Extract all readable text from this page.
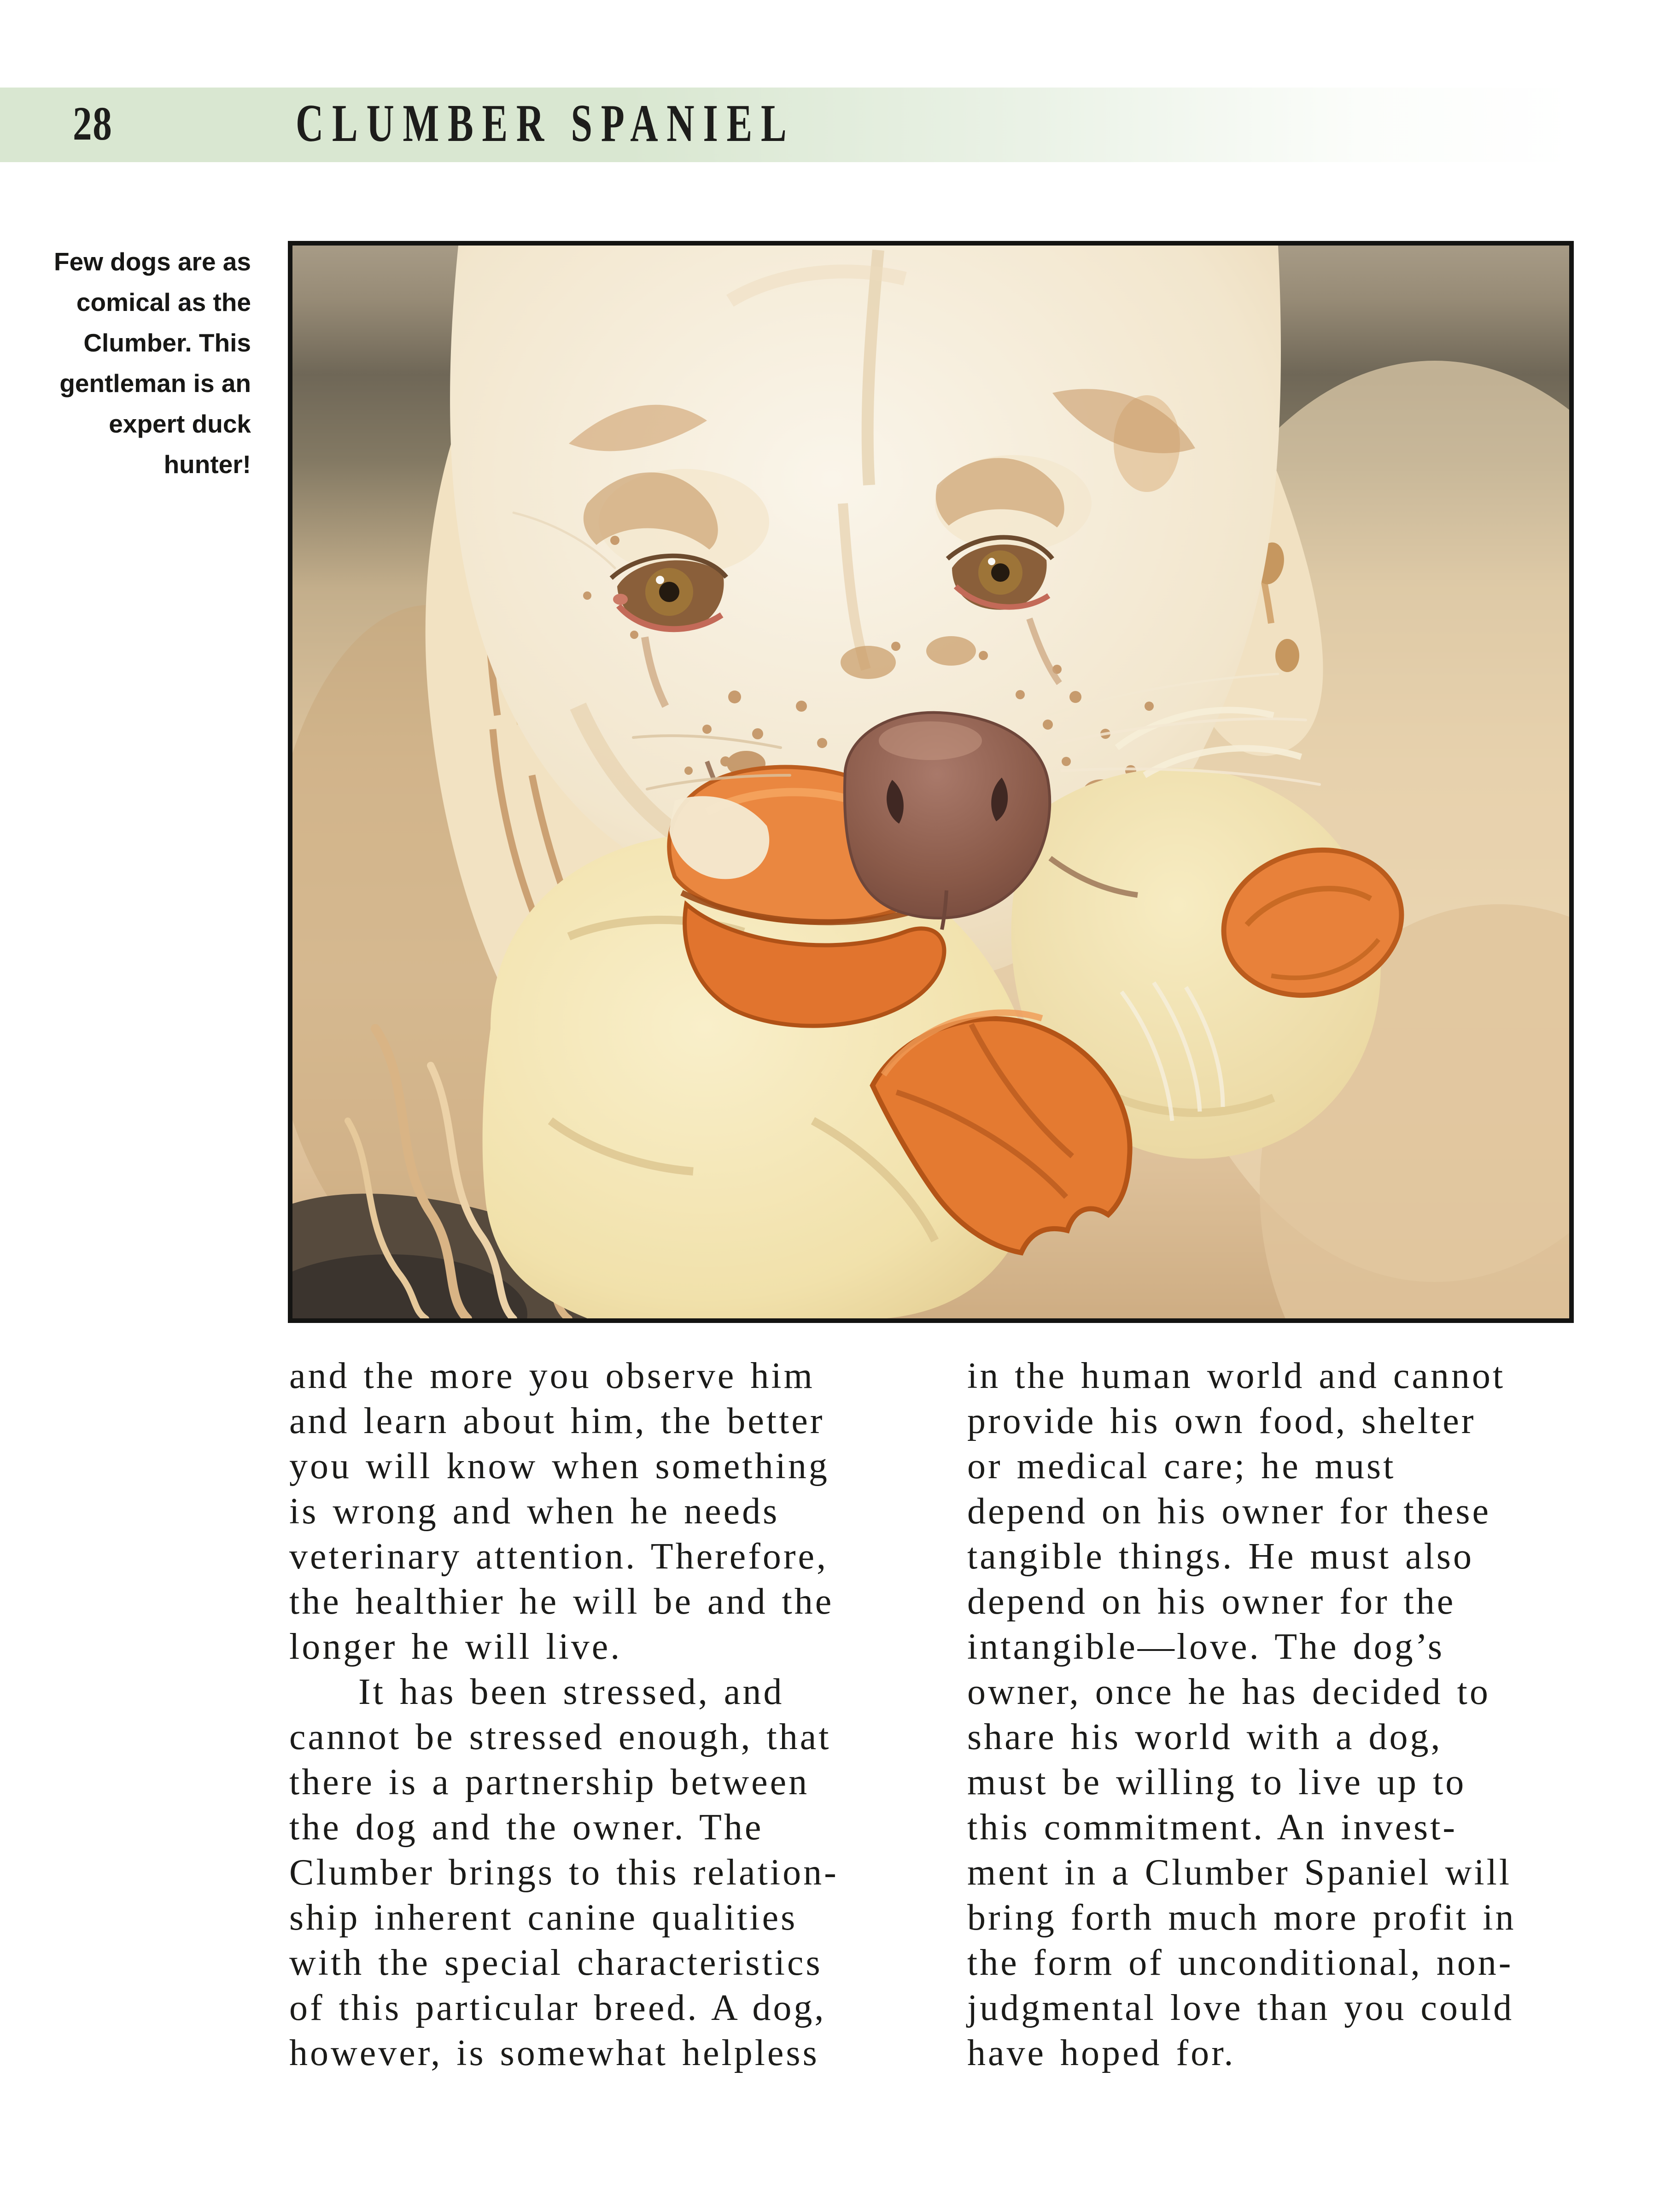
28	CLUMBER SPANIEL
Few dogs are as
comical as the
Clumber. This
gentleman is an
expert duck
hunter!
and the more you observe him
and learn about him, the better
you will know when something
is wrong and when he needs
veterinary attention. Therefore,
the healthier he will be and the
longer he will live.
It has been stressed, and
cannot be stressed enough, that
there is a partnership between
the dog and the owner. The
Clumber brings to this relation-
ship inherent canine qualities
with the special characteristics
of this particular breed. A dog,
however, is somewhat helpless
in the human world and cannot
provide his own food, shelter
or medical care; he must
depend on his owner for these
tangible things. He must also
depend on his owner for the
intangible—love. The dog’s
owner, once he has decided to
share his world with a dog,
must be willing to live up to
this commitment. An invest-
ment in a Clumber Spaniel will
bring forth much more profit in
the form of unconditional, non-
judgmental love than you could
have hoped for.
